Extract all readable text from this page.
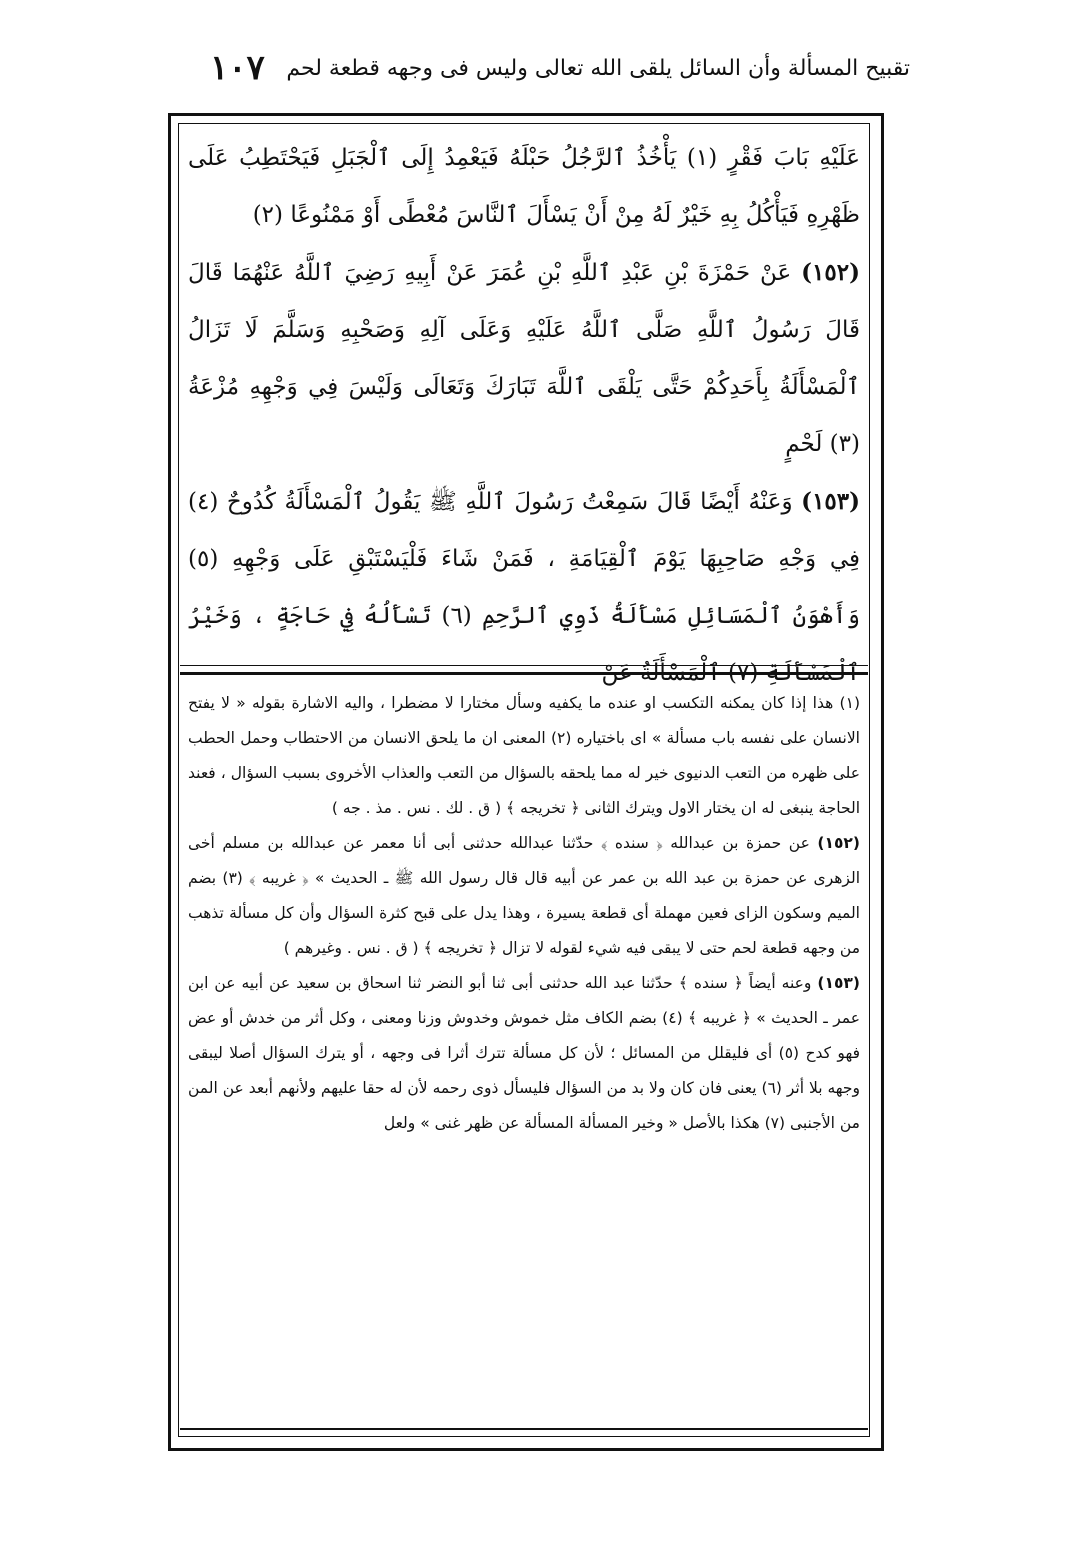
١٠٧ تقبيح المسألة وأن السائل يلقى الله تعالى وليس فى وجهه قطعة لحم

عَلَيْهِ بَابَ فَقْرٍ (١) يَأْخُذُ ٱلرَّجُلُ حَبْلَهُ فَيَعْمِدُ إِلَى ٱلْجَبَلِ فَيَحْتَطِبُ عَلَى ظَهْرِهِ فَيَأْكُلُ بِهِ خَيْرٌ لَهُ مِنْ أَنْ يَسْأَلَ ٱلنَّاسَ مُعْطًى أَوْ مَمْنُوعًا (٢)

(١٥٢) عَنْ حَمْزَةَ بْنِ عَبْدِ ٱللَّهِ بْنِ عُمَرَ عَنْ أَبِيهِ رَضِيَ ٱللَّهُ عَنْهُمَا قَالَ قَالَ رَسُولُ ٱللَّهِ صَلَّى ٱللَّهُ عَلَيْهِ وَعَلَى آلِهِ وَصَحْبِهِ وَسَلَّمَ لَا تَزَالُ ٱلْمَسْأَلَةُ بِأَحَدِكُمْ حَتَّى يَلْقَى ٱللَّهَ تَبَارَكَ وَتَعَالَى وَلَيْسَ فِي وَجْهِهِ مُزْعَةُ (٣) لَحْمٍ

(١٥٣) وَعَنْهُ أَيْضًا قَالَ سَمِعْتُ رَسُولَ ٱللَّهِ ﷺ يَقُولُ ٱلْمَسْأَلَةُ كُدُوحٌ (٤) فِي وَجْهِ صَاحِبِهَا يَوْمَ ٱلْقِيَامَةِ ، فَمَنْ شَاءَ فَلْيَسْتَبْقِ عَلَى وَجْهِهِ (٥) وَأَهْوَنُ ٱلْمَسَائِلِ مَسْأَلَةُ ذَوِي ٱلرَّحِمِ (٦) تَسْأَلُهُ فِي حَاجَةٍ ، وَخَيْرُ ٱلْمَسْأَلَةِ (٧) ٱلْمَسْأَلَةُ عَنْ

(١) هذا إذا كان يمكنه التكسب او عنده ما يكفيه وسأل مختارا لا مضطرا ، واليه الاشارة بقوله « لا يفتح الانسان على نفسه باب مسألة » اى باختياره (٢) المعنى ان ما يلحق الانسان من الاحتطاب وحمل الحطب على ظهره من التعب الدنيوى خير له مما يلحقه بالسؤال من التعب والعذاب الأخروى بسبب السؤال ، فعند الحاجة ينبغى له ان يختار الاول ويترك الثانى ﴿ تخريجه ﴾ ( ق . لك . نس . مذ . جه )

(١٥٢) عن حمزة بن عبدالله ﴿ سنده ﴾ حدّثنا عبدالله حدثنى أبى أنا معمر عن عبدالله بن مسلم أخى الزهرى عن حمزة بن عبد الله بن عمر عن أبيه قال قال رسول الله ﷺ ـ الحديث » ﴿ غريبه ﴾ (٣) بضم الميم وسكون الزاى فعين مهملة أى قطعة يسيرة ، وهذا يدل على قبح كثرة السؤال وأن كل مسألة تذهب من وجهه قطعة لحم حتى لا يبقى فيه شيء لقوله لا تزال ﴿ تخريجه ﴾ ( ق . نس . وغيرهم )

(١٥٣) وعنه أيضاً ﴿ سنده ﴾ حدّثنا عبد الله حدثنى أبى ثنا أبو النضر ثنا اسحاق بن سعيد عن أبيه عن ابن عمر ـ الحديث » ﴿ غريبه ﴾ (٤) بضم الكاف مثل خموش وخدوش وزنا ومعنى ، وكل أثر من خدش أو عض فهو كدح (٥) أى فليقلل من المسائل ؛ لأن كل مسألة تترك أثرا فى وجهه ، أو يترك السؤال أصلا ليبقى وجهه بلا أثر (٦) يعنى فان كان ولا بد من السؤال فليسأل ذوى رحمه لأن له حقا عليهم ولأنهم أبعد عن المن من الأجنبى (٧) هكذا بالأصل « وخير المسألة المسألة عن ظهر غنى » ولعل
